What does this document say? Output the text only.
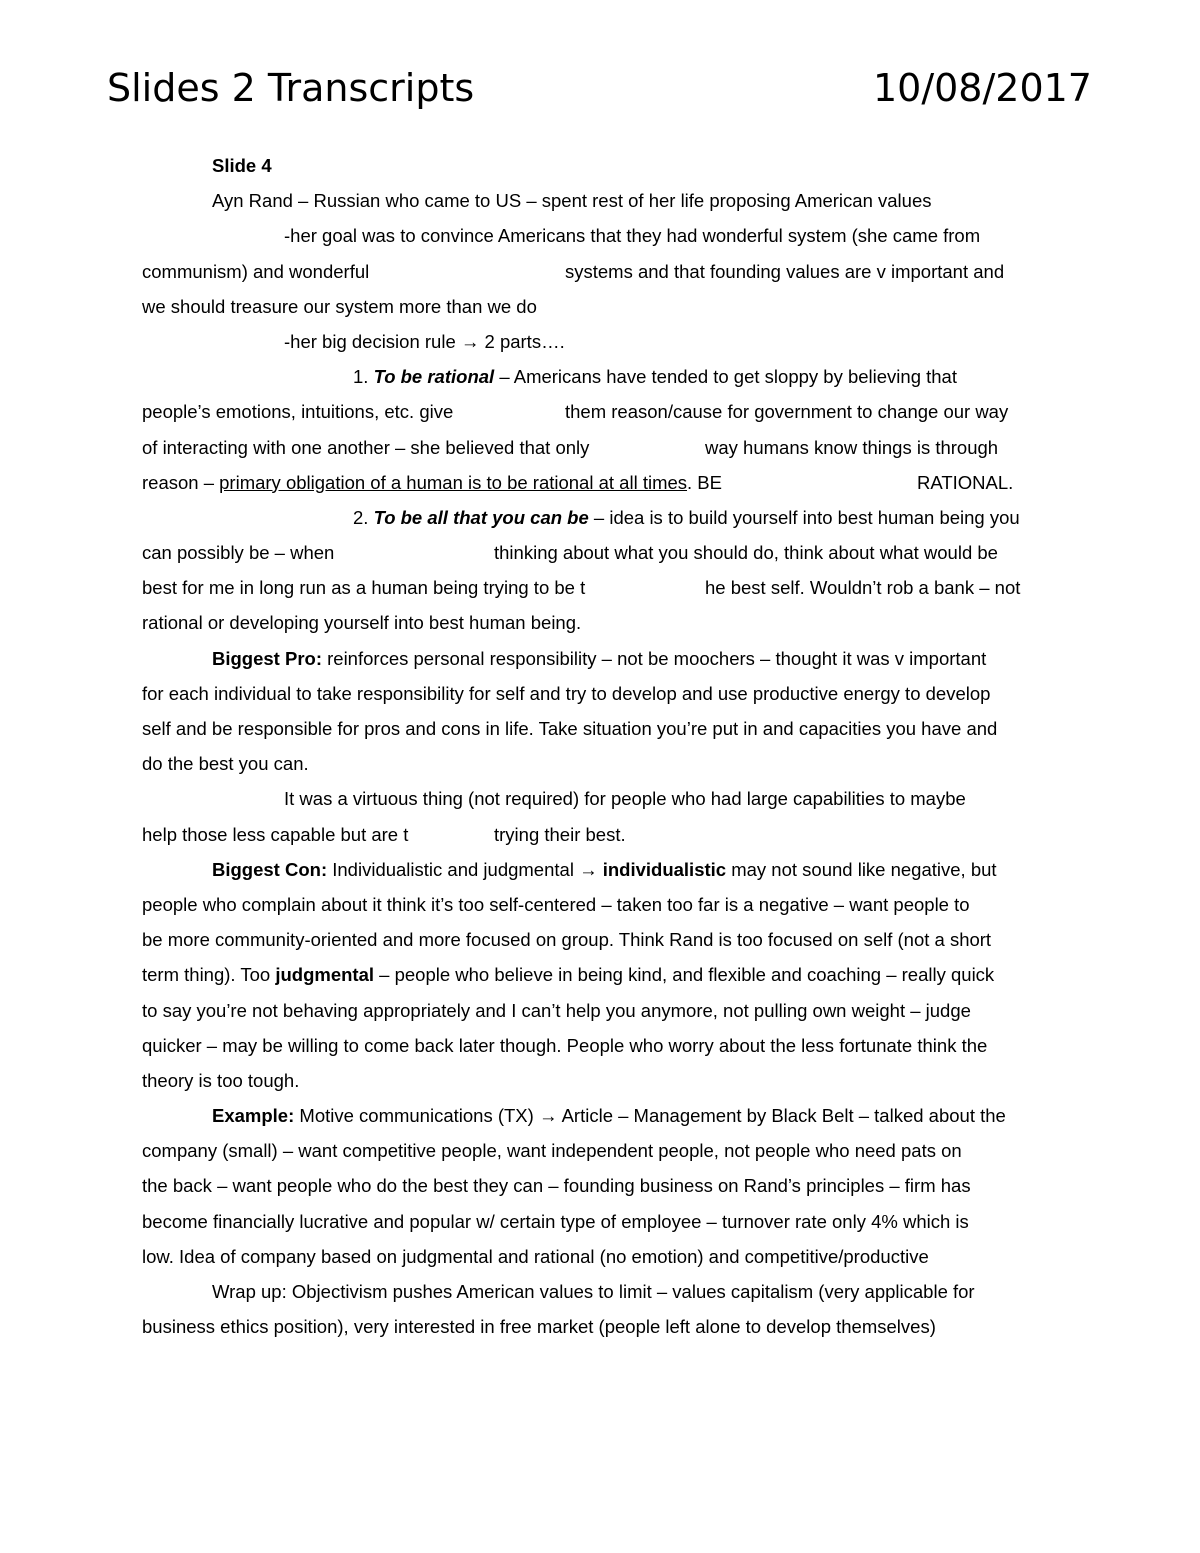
Slides 2 Transcripts	10/08/2017
Slide 4
Ayn Rand – Russian who came to US – spent rest of her life proposing American values
-her goal was to convince Americans that they had wonderful system (she came from
communism) and wonderful	systems and that founding values are v important and
we should treasure our system more than we do
-her big decision rule → 2 parts….
1. To be rational – Americans have tended to get sloppy by believing that
people’s emotions, intuitions, etc. give	them reason/cause for government to change our way
of interacting with one another – she believed that only	way humans know things is through
reason – primary obligation of a human is to be rational at all times. BE	RATIONAL.
2. To be all that you can be – idea is to build yourself into best human being you
can possibly be – when	thinking about what you should do, think about what would be
best for me in long run as a human being trying to be t	he best self. Wouldn’t rob a bank – not
rational or developing yourself into best human being.
Biggest Pro: reinforces personal responsibility – not be moochers – thought it was v important
for each individual to take responsibility for self and try to develop and use productive energy to develop
self and be responsible for pros and cons in life. Take situation you’re put in and capacities you have and
do the best you can.
It was a virtuous thing (not required) for people who had large capabilities to maybe
help those less capable but are t	trying their best.
Biggest Con: Individualistic and judgmental → individualistic may not sound like negative, but
people who complain about it think it’s too self-centered – taken too far is a negative – want people to
be more community-oriented and more focused on group. Think Rand is too focused on self (not a short
term thing). Too judgmental – people who believe in being kind, and flexible and coaching – really quick
to say you’re not behaving appropriately and I can’t help you anymore, not pulling own weight – judge
quicker – may be willing to come back later though. People who worry about the less fortunate think the
theory is too tough.
Example: Motive communications (TX) → Article – Management by Black Belt – talked about the
company (small) – want competitive people, want independent people, not people who need pats on
the back – want people who do the best they can – founding business on Rand’s principles – firm has
become financially lucrative and popular w/ certain type of employee – turnover rate only 4% which is
low. Idea of company based on judgmental and rational (no emotion) and competitive/productive
Wrap up: Objectivism pushes American values to limit – values capitalism (very applicable for
business ethics position), very interested in free market (people left alone to develop themselves)
